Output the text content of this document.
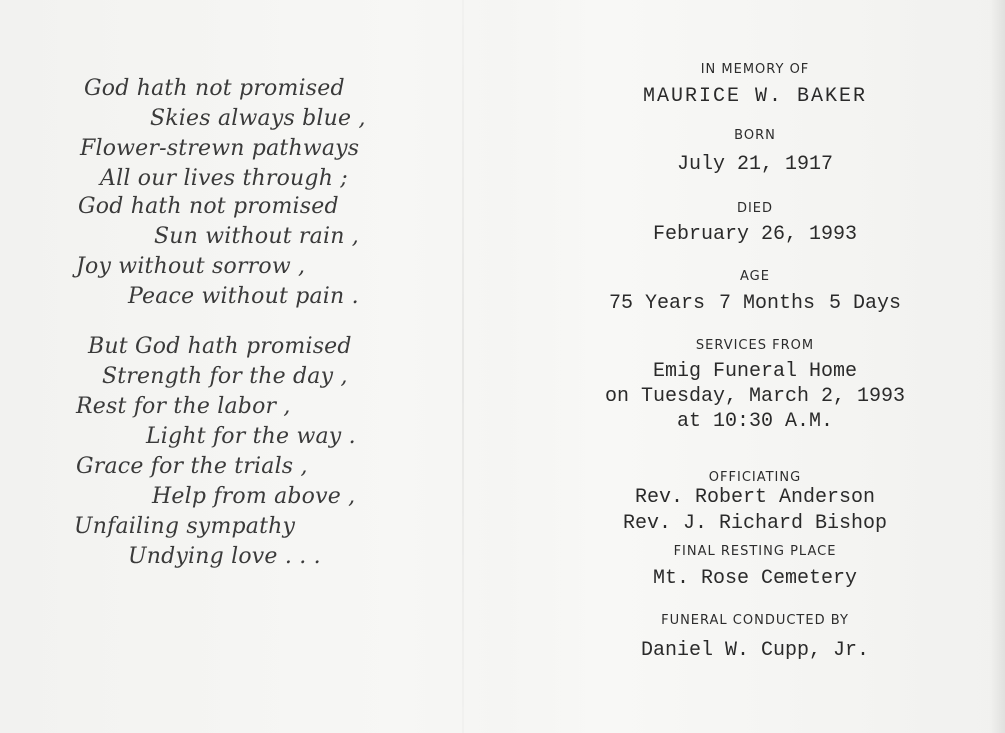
God hath not promised
Skies always blue ,
Flower-strewn pathways
All our lives through ;
God hath not promised
Sun without rain ,
Joy without sorrow ,
Peace without pain .
But God hath promised
Strength for the day ,
Rest for the labor ,
Light for the way .
Grace for the trials ,
Help from above ,
Unfailing sympathy
Undying love . . .

IN MEMORY OF

MAURICE W. BAKER

BORN

July 21, 1917

DIED

February 26, 1993

AGE

75 Years 7 Months 5 Days

SERVICES FROM

Emig Funeral Home

on Tuesday, March 2, 1993

at 10:30 A.M.

OFFICIATING

Rev. Robert Anderson

Rev. J. Richard Bishop

FINAL RESTING PLACE

Mt. Rose Cemetery

FUNERAL CONDUCTED BY

Daniel W. Cupp, Jr.
